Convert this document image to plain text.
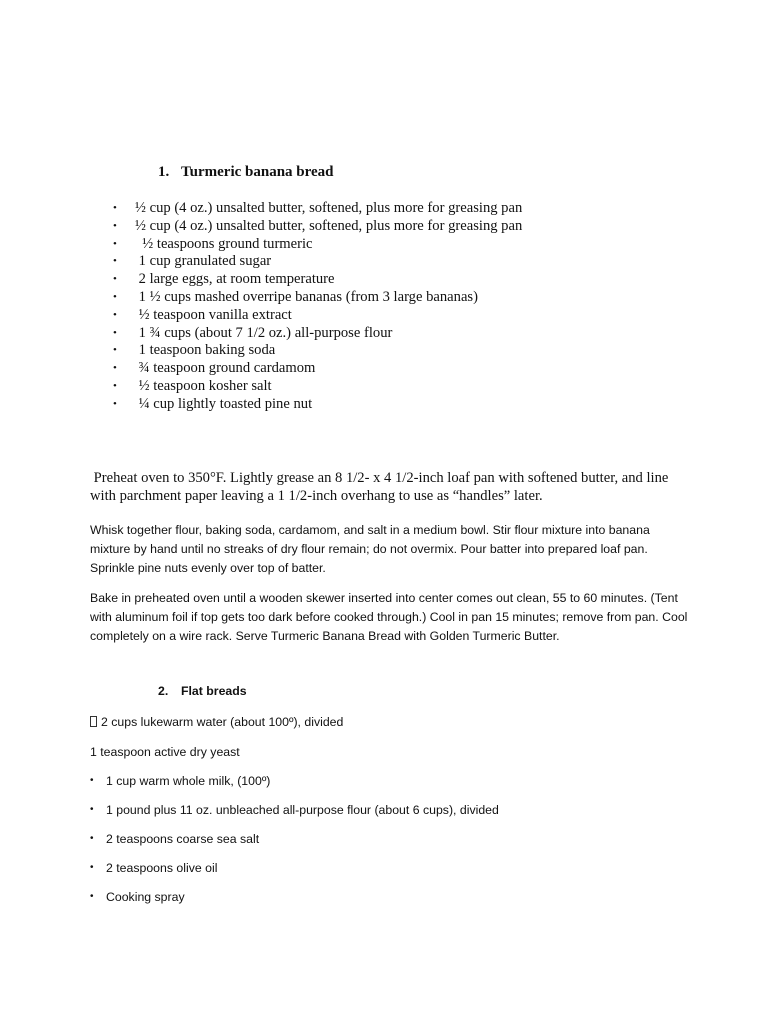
1. Turmeric banana bread
• ½ cup (4 oz.) unsalted butter, softened, plus more for greasing pan
• ½ cup (4 oz.) unsalted butter, softened, plus more for greasing pan
• ½ teaspoons ground turmeric
• 1 cup granulated sugar
• 2 large eggs, at room temperature
• 1 ½ cups mashed overripe bananas (from 3 large bananas)
• ½ teaspoon vanilla extract
• 1 ¾ cups (about 7 1/2 oz.) all-purpose flour
• 1 teaspoon baking soda
• ¾ teaspoon ground cardamom
• ½ teaspoon kosher salt
• ¼ cup lightly toasted pine nut

Preheat oven to 350°F. Lightly grease an 8 1/2- x 4 1/2-inch loaf pan with softened butter, and line with parchment paper leaving a 1 1/2-inch overhang to use as “handles” later.

Whisk together flour, baking soda, cardamom, and salt in a medium bowl. Stir flour mixture into banana mixture by hand until no streaks of dry flour remain; do not overmix. Pour batter into prepared loaf pan. Sprinkle pine nuts evenly over top of batter.

Bake in preheated oven until a wooden skewer inserted into center comes out clean, 55 to 60 minutes. (Tent with aluminum foil if top gets too dark before cooked through.) Cool in pan 15 minutes; remove from pan. Cool completely on a wire rack. Serve Turmeric Banana Bread with Golden Turmeric Butter.

2. Flat breads
2 cups lukewarm water (about 100º), divided
1 teaspoon active dry yeast
• 1 cup warm whole milk, (100º)
• 1 pound plus 11 oz. unbleached all-purpose flour (about 6 cups), divided
• 2 teaspoons coarse sea salt
• 2 teaspoons olive oil
• Cooking spray
